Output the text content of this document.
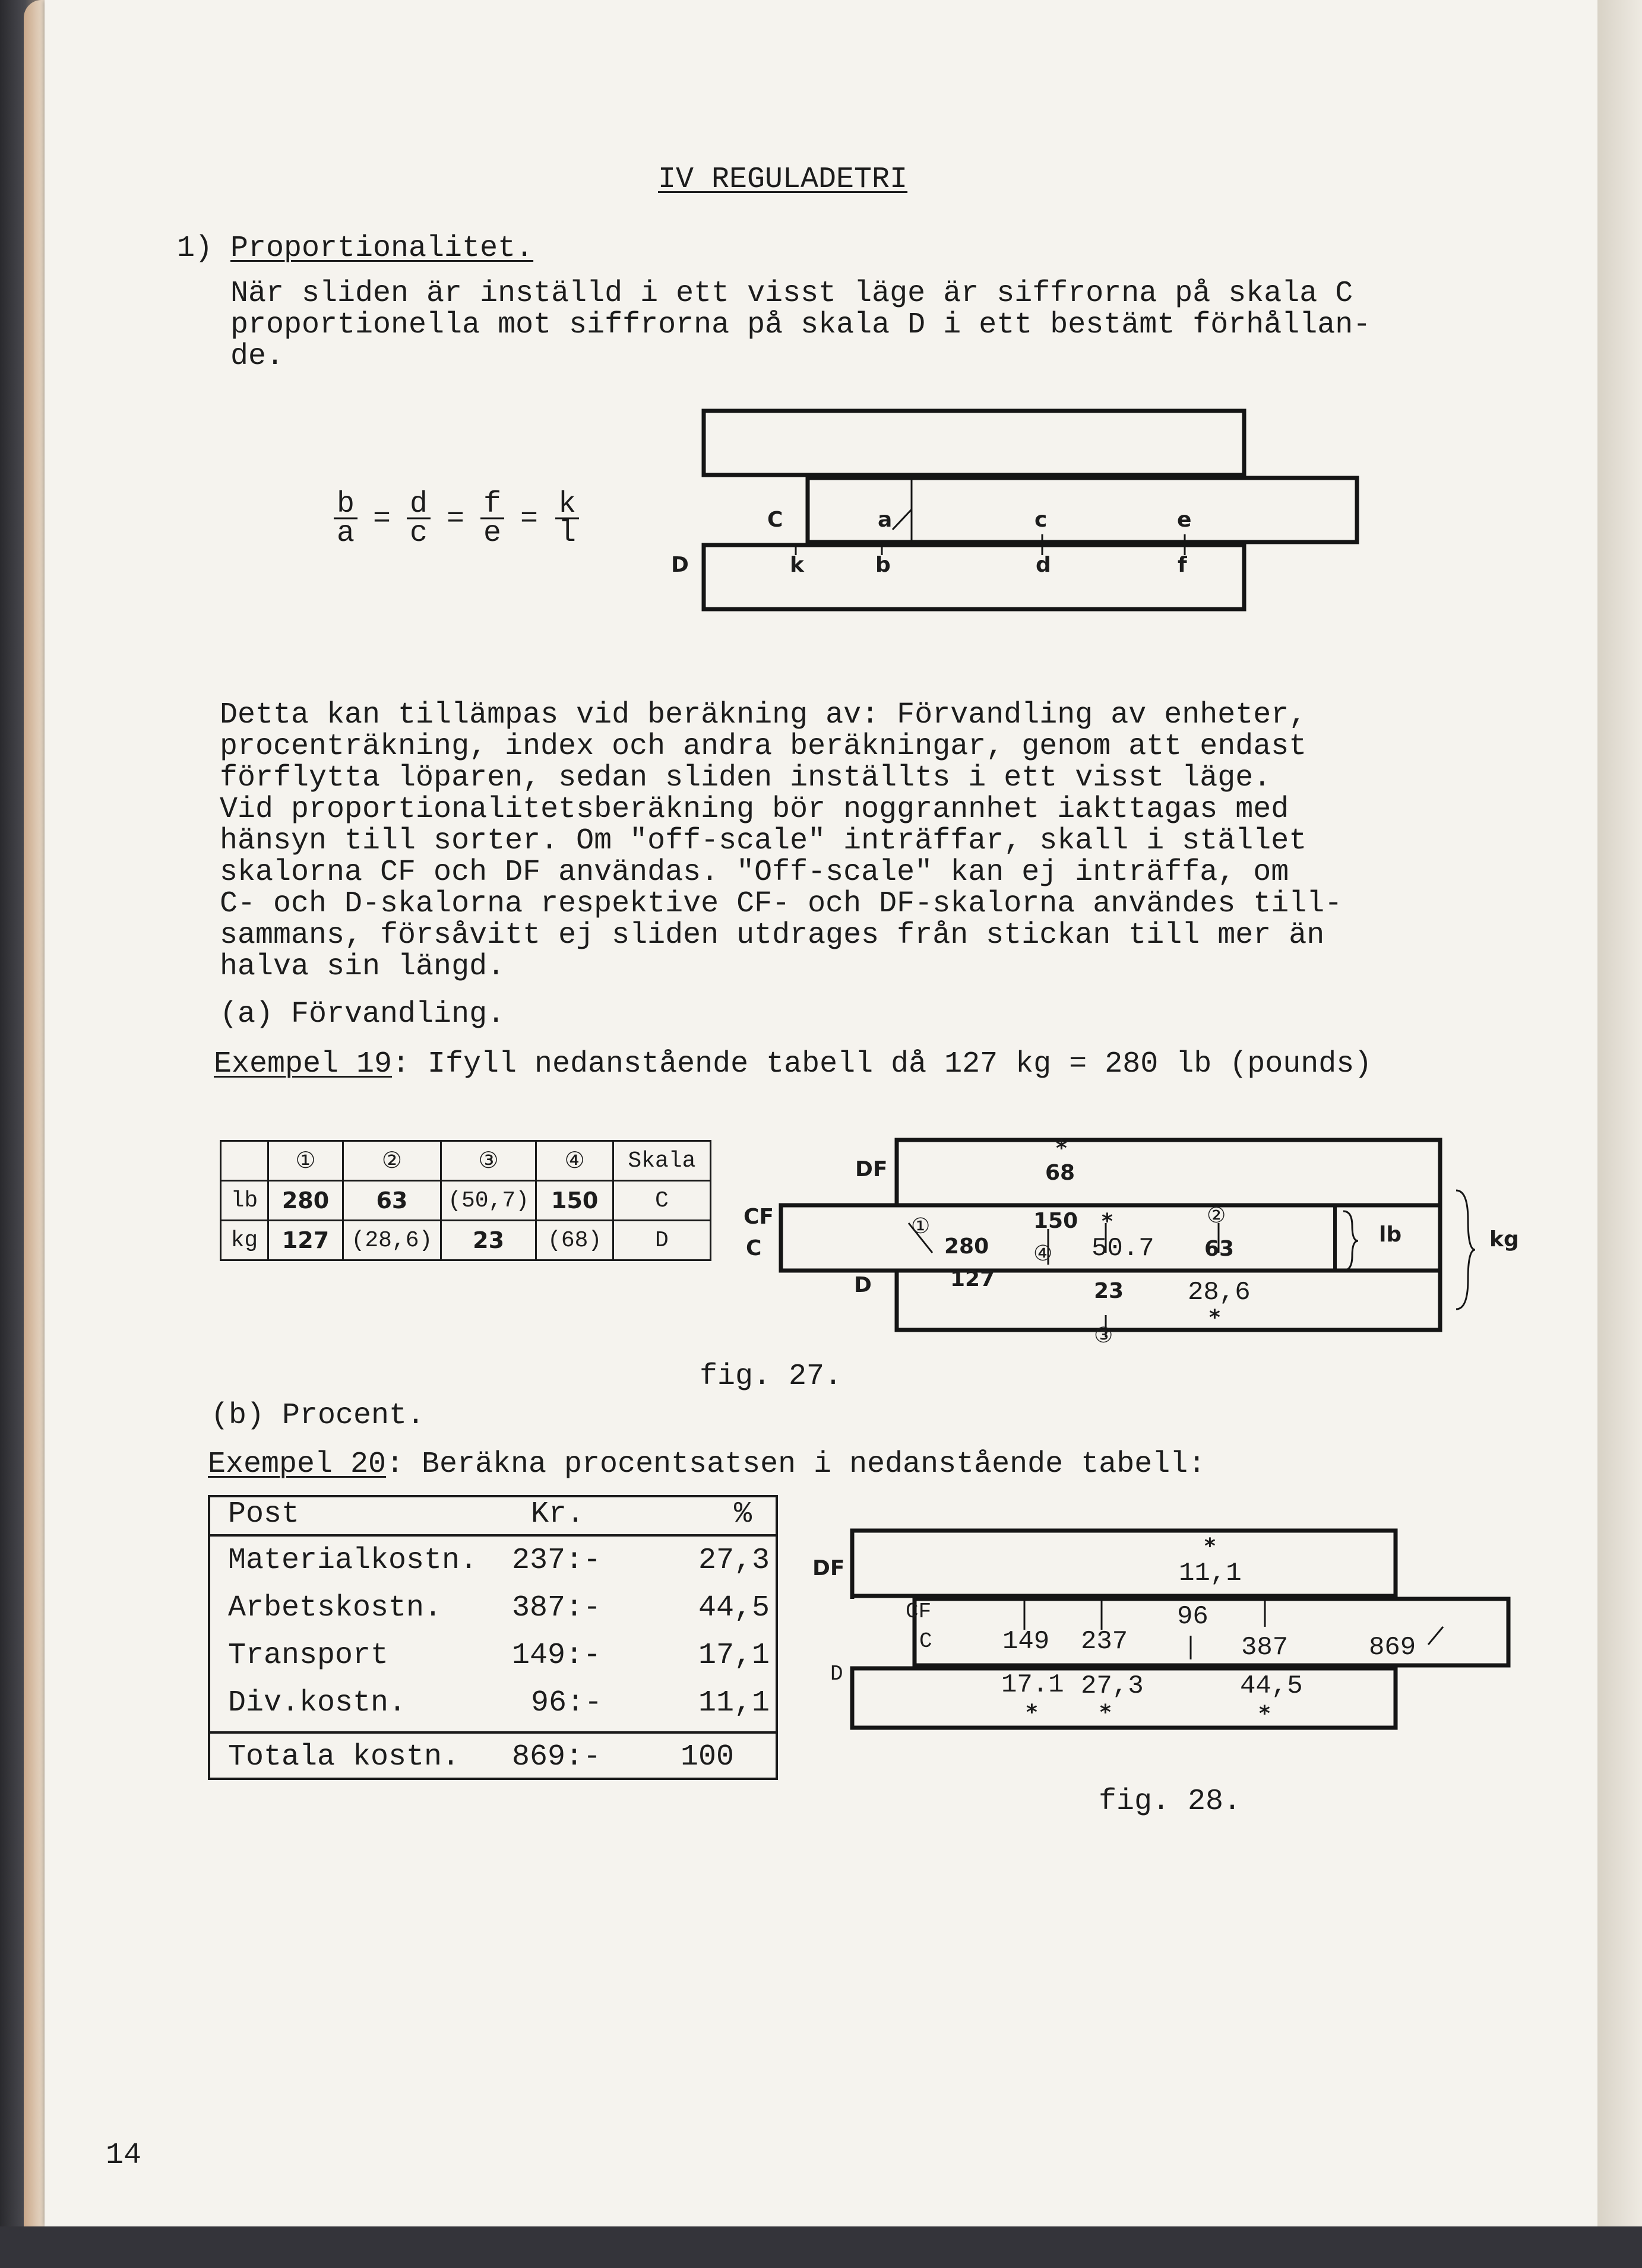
IV REGULADETRI
1) Proportionalitet.
När sliden är inställd i ett visst läge är siffrorna på skala C
proportionella mot siffrorna på skala D i ett bestämt förhållan-
de.
b
a = d
c = f
e = k
l	C
D
a	c	e
k	b	d	f
Detta kan tillämpas vid beräkning av: Förvandling av enheter,
procenträkning, index och andra beräkningar, genom att endast
förflytta löparen, sedan sliden inställts i ett visst läge.
Vid proportionalitetsberäkning bör noggrannhet iakttagas med
hänsyn till sorter. Om "off-scale" inträffar, skall i stället
skalorna CF och DF användas. "Off-scale" kan ej inträffa, om
C- och D-skalorna respektive CF- och DF-skalorna användes till-
sammans, försåvitt ej sliden utdrages från stickan till mer än
halva sin längd.
(a) Förvandling.
Exempel 19 : Ifyll nedanstående tabell då 127 kg = 280 lb (pounds)
	①	②	③	④	Skala
lb	280	63	(50,7)	150	C
kg	127	(28,6)	23	(68)	D
DF
CF
C
D
*
68
①
280
150
④
*
50.7
②
63
127	23 28,6
*
③
lb	kg
fig. 27.
(b) Procent.
Exempel 20 : Beräkna procentsatsen i nedanstående tabell:
Post	Kr.	%
Materialkostn. 237:-	27,3
Arbetskostn. 387:-	44,5
Transport	149:-	17,1
Div.kostn.	96:-	11,1
Totala kostn. 869:-	100
DF
CF
C
D
*
11,1
149 237
96
387	869
17.1 27,3	44,5
*	*	*
fig. 28.
14
